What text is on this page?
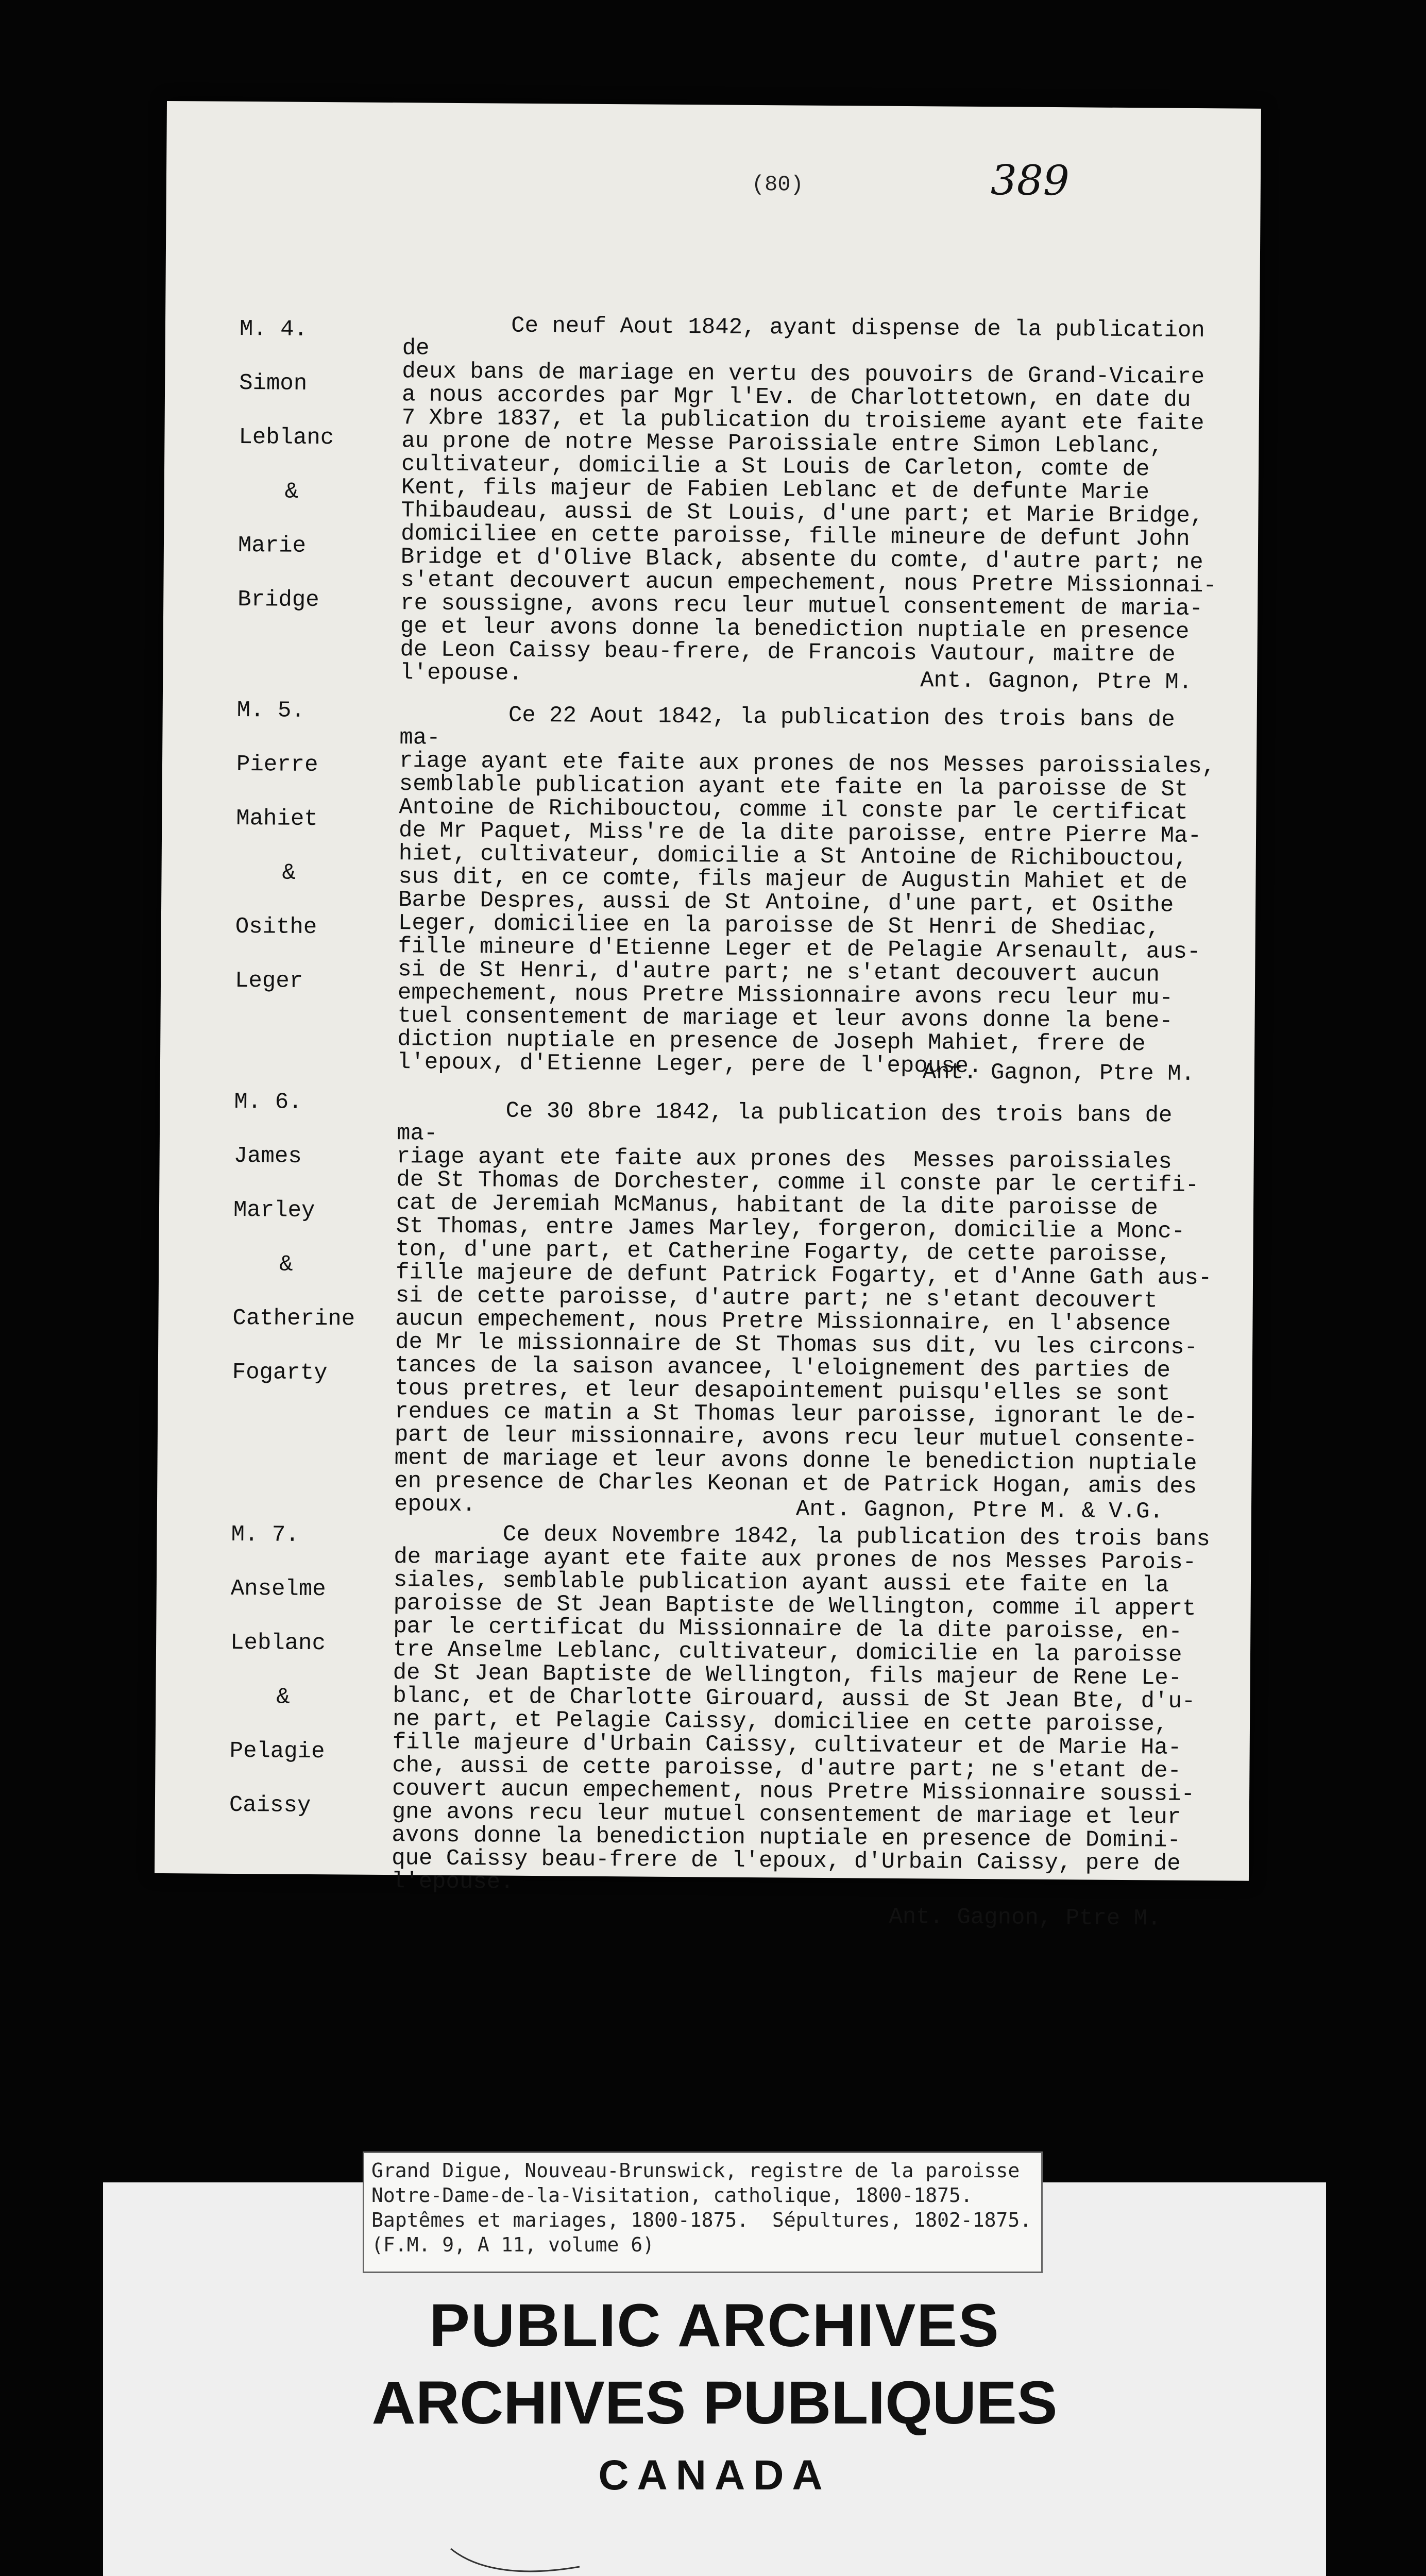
(80)	389
M. 4.
Simon
Leblanc
&
Marie
Bridge
Ce neuf Aout 1842, ayant dispense de la publication de
deux bans de mariage en vertu des pouvoirs de Grand-Vicaire
a nous accordes par Mgr l'Ev. de Charlottetown, en date du
7 Xbre 1837, et la publication du troisieme ayant ete faite
au prone de notre Messe Paroissiale entre Simon Leblanc,
cultivateur, domicilie a St Louis de Carleton, comte de
Kent, fils majeur de Fabien Leblanc et de defunte Marie
Thibaudeau, aussi de St Louis, d'une part; et Marie Bridge,
domiciliee en cette paroisse, fille mineure de defunt John
Bridge et d'Olive Black, absente du comte, d'autre part; ne
s'etant decouvert aucun empechement, nous Pretre Missionnai-
re soussigne, avons recu leur mutuel consentement de maria-
ge et leur avons donne la benediction nuptiale en presence
de Leon Caissy beau-frere, de Francois Vautour, maitre de
l'epouse.	Ant. Gagnon, Ptre M.
M. 5.
Pierre
Mahiet
&
Osithe
Leger
Ce 22 Aout 1842, la publication des trois bans de ma-
riage ayant ete faite aux prones de nos Messes paroissiales,
semblable publication ayant ete faite en la paroisse de St
Antoine de Richibouctou, comme il conste par le certificat
de Mr Paquet, Miss're de la dite paroisse, entre Pierre Ma-
hiet, cultivateur, domicilie a St Antoine de Richibouctou,
sus dit, en ce comte, fils majeur de Augustin Mahiet et de
Barbe Despres, aussi de St Antoine, d'une part, et Osithe
Leger, domiciliee en la paroisse de St Henri de Shediac,
fille mineure d'Etienne Leger et de Pelagie Arsenault, aus-
si de St Henri, d'autre part; ne s'etant decouvert aucun
empechement, nous Pretre Missionnaire avons recu leur mu-
tuel consentement de mariage et leur avons donne la bene-
diction nuptiale en presence de Joseph Mahiet, frere de
l'epoux, d'Etienne Leger, pere de l'epouse.
Ant. Gagnon, Ptre M.
M. 6.
James
Marley
&
Catherine
Fogarty
Ce 30 8bre 1842, la publication des trois bans de ma-
riage ayant ete faite aux prones des  Messes paroissiales
de St Thomas de Dorchester, comme il conste par le certifi-
cat de Jeremiah McManus, habitant de la dite paroisse de
St Thomas, entre James Marley, forgeron, domicilie a Monc-
ton, d'une part, et Catherine Fogarty, de cette paroisse,
fille majeure de defunt Patrick Fogarty, et d'Anne Gath aus-
si de cette paroisse, d'autre part; ne s'etant decouvert
aucun empechement, nous Pretre Missionnaire, en l'absence
de Mr le missionnaire de St Thomas sus dit, vu les circons-
tances de la saison avancee, l'eloignement des parties de
tous pretres, et leur desapointement puisqu'elles se sont
rendues ce matin a St Thomas leur paroisse, ignorant le de-
part de leur missionnaire, avons recu leur mutuel consente-
ment de mariage et leur avons donne le benediction nuptiale
en presence de Charles Keonan et de Patrick Hogan, amis des
epoux.	Ant. Gagnon, Ptre M. & V.G.
M. 7.
Anselme
Leblanc
&
Pelagie
Caissy
Ce deux Novembre 1842, la publication des trois bans
de mariage ayant ete faite aux prones de nos Messes Parois-
siales, semblable publication ayant aussi ete faite en la
paroisse de St Jean Baptiste de Wellington, comme il appert
par le certificat du Missionnaire de la dite paroisse, en-
tre Anselme Leblanc, cultivateur, domicilie en la paroisse
de St Jean Baptiste de Wellington, fils majeur de Rene Le-
blanc, et de Charlotte Girouard, aussi de St Jean Bte, d'u-
ne part, et Pelagie Caissy, domiciliee en cette paroisse,
fille majeure d'Urbain Caissy, cultivateur et de Marie Ha-
che, aussi de cette paroisse, d'autre part; ne s'etant de-
couvert aucun empechement, nous Pretre Missionnaire soussi-
gne avons recu leur mutuel consentement de mariage et leur
avons donne la benediction nuptiale en presence de Domini-
que Caissy beau-frere de l'epoux, d'Urbain Caissy, pere de
l'epouse.
Ant. Gagnon, Ptre M.
Grand Digue, Nouveau-Brunswick, registre de la paroisse
Notre-Dame-de-la-Visitation, catholique, 1800-1875.
Baptêmes et mariages, 1800-1875.  Sépultures, 1802-1875.
(F.M. 9, A 11, volume 6)
PUBLIC ARCHIVES
ARCHIVES PUBLIQUES
CANADA
